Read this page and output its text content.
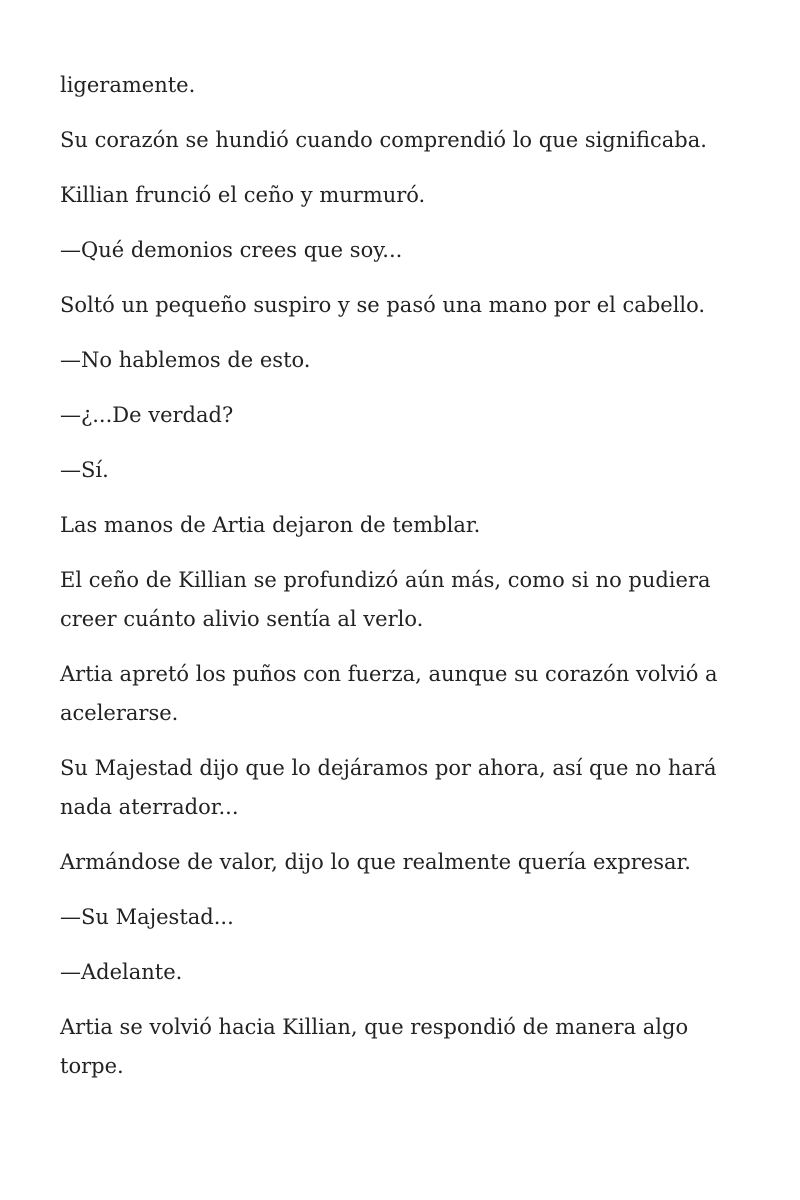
ligeramente.

Su corazón se hundió cuando comprendió lo que significaba.

Killian frunció el ceño y murmuró.

—Qué demonios crees que soy...

Soltó un pequeño suspiro y se pasó una mano por el cabello.

—No hablemos de esto.

—¿...De verdad?

—Sí.

Las manos de Artia dejaron de temblar.

El ceño de Killian se profundizó aún más, como si no pudiera creer cuánto alivio sentía al verlo.

Artia apretó los puños con fuerza, aunque su corazón volvió a acelerarse.

Su Majestad dijo que lo dejáramos por ahora, así que no hará nada aterrador...

Armándose de valor, dijo lo que realmente quería expresar.

—Su Majestad...

—Adelante.

Artia se volvió hacia Killian, que respondió de manera algo torpe.
